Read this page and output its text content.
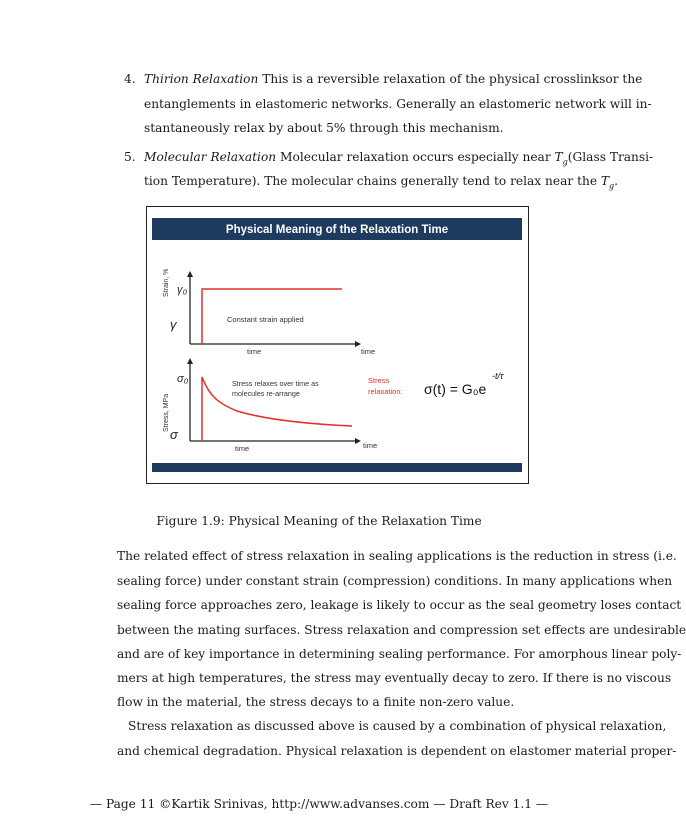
4. Thirion Relaxation This is a reversible relaxation of the physical crosslinksor the
entanglements in elastomeric networks. Generally an elastomeric network will in-
stantaneously relax by about 5% through this mechanism.
5. Molecular Relaxation Molecular relaxation occurs especially near $T_g(Glass$ Transi-
tion Temperature). The molecular chains generally tend to relax near the $T_g$.
Physical Meaning of the Relaxation Time
Strain, % γ₀
γ	Constant strain applied
time	time
Stress, MPa
σ₀
σ
Stress relaxes over time as
molecules re-arrange
Stress
relaxation: σ(t) = G₀e
-t/τ
time	time
Figure 1.9: Physical Meaning of the Relaxation Time
The related effect of stress relaxation in sealing applications is the reduction in stress (i.e.
sealing force) under constant strain (compression) conditions. In many applications when
sealing force approaches zero, leakage is likely to occur as the seal geometry loses contact
between the mating surfaces. Stress relaxation and compression set effects are undesirable
and are of key importance in determining sealing performance. For amorphous linear poly-
mers at high temperatures, the stress may eventually decay to zero. If there is no viscous
flow in the material, the stress decays to a finite non-zero value.
Stress relaxation as discussed above is caused by a combination of physical relaxation,
and chemical degradation. Physical relaxation is dependent on elastomer material proper-
— Page 11 ©Kartik Srinivas, http://www.advanses.com — Draft Rev 1.1 —
